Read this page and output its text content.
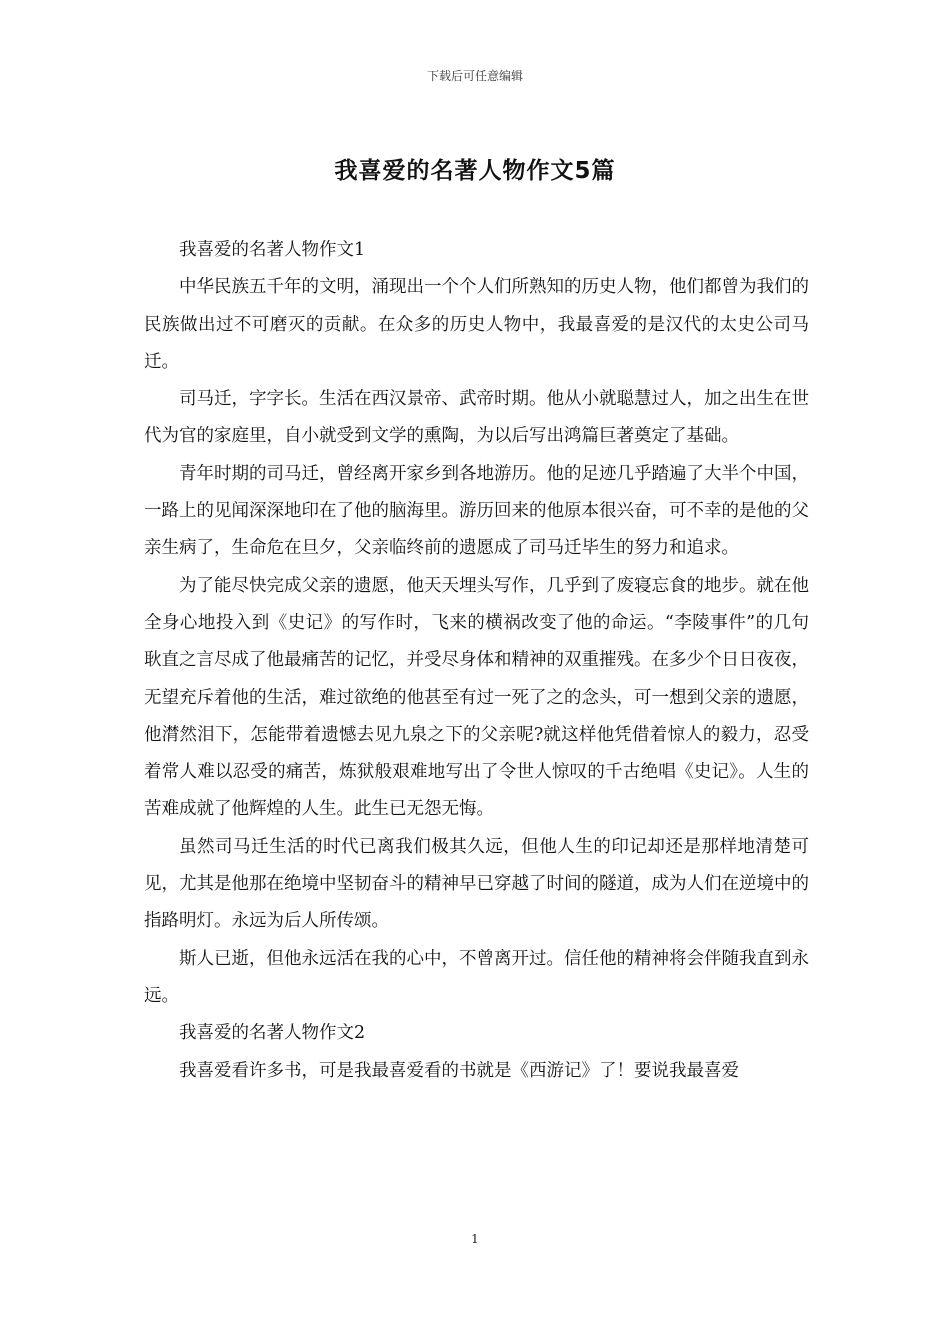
下载后可任意编辑
我喜爱的名著人物作文5篇

我喜爱的名著人物作文1

中华民族五千年的文明，涌现出一个个人们所熟知的历史人物，他们都曾为我们的民族做出过不可磨灭的贡献。在众多的历史人物中，我最喜爱的是汉代的太史公司马迁。

司马迁，字字长。生活在西汉景帝、武帝时期。他从小就聪慧过人，加之出生在世代为官的家庭里，自小就受到文学的熏陶，为以后写出鸿篇巨著奠定了基础。

青年时期的司马迁，曾经离开家乡到各地游历。他的足迹几乎踏遍了大半个中国，一路上的见闻深深地印在了他的脑海里。游历回来的他原本很兴奋，可不幸的是他的父亲生病了，生命危在旦夕，父亲临终前的遗愿成了司马迁毕生的努力和追求。

为了能尽快完成父亲的遗愿，他天天埋头写作，几乎到了废寝忘食的地步。就在他全身心地投入到《史记》的写作时，飞来的横祸改变了他的命运。“李陵事件”的几句耿直之言尽成了他最痛苦的记忆，并受尽身体和精神的双重摧残。在多少个日日夜夜，无望充斥着他的生活，难过欲绝的他甚至有过一死了之的念头，可一想到父亲的遗愿，他潸然泪下，怎能带着遗憾去见九泉之下的父亲呢?就这样他凭借着惊人的毅力，忍受着常人难以忍受的痛苦，炼狱般艰难地写出了令世人惊叹的千古绝唱《史记》。人生的苦难成就了他辉煌的人生。此生已无怨无悔。

虽然司马迁生活的时代已离我们极其久远，但他人生的印记却还是那样地清楚可见，尤其是他那在绝境中坚韧奋斗的精神早已穿越了时间的隧道，成为人们在逆境中的指路明灯。永远为后人所传颂。

斯人已逝，但他永远活在我的心中，不曾离开过。信任他的精神将会伴随我直到永远。

我喜爱的名著人物作文2

我喜爱看许多书，可是我最喜爱看的书就是《西游记》了！要说我最喜爱

1
